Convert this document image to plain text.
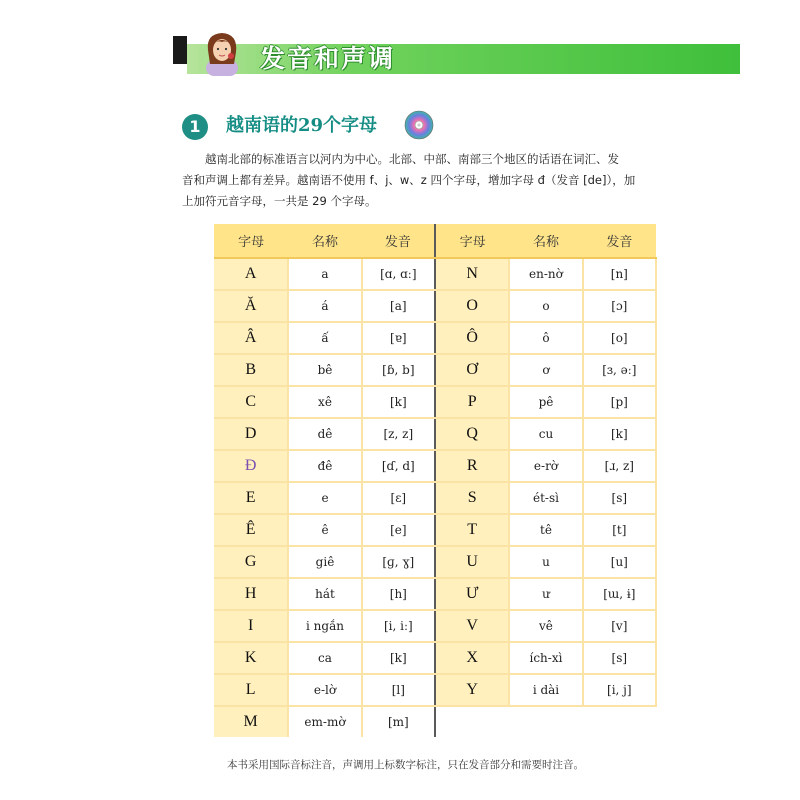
发音和声调
1	越南语的29个字母
越南北部的标准语言以河内为中心。北部、中部、南部三个地区的话语在词汇、发
音和声调上都有差异。越南语不使用 f、j、w、z 四个字母，增加字母 đ（发音 [de]），加
上加符元音字母，一共是 29 个字母。
字母	名称	发音	字母	名称	发音
A	a	[ɑ, ɑː]	N	en-nờ	[n]
Ă	á	[a]	O	o	[ɔ]
Â	ấ	[ɐ]	Ô	ô	[o]
B	bê	[ɓ, b]	Ơ	ơ	[ɜ, əː]
C	xê	[k]	P	pê	[p]
D	dê	[z, z]	Q	cu	[k]
Đ	đê	[ɗ, d]	R	e-rờ	[ɹ, z]
E	e	[ɛ]	S	ét-sì	[s]
Ê	ê	[e]	T	tê	[t]
G	giê	[ɡ, ɣ]	U	u	[u]
H	hát	[h]	Ư	ư	[ɯ, ɨ]
I	i ngắn	[i, iː]	V	vê	[v]
K	ca	[k]	X	ích-xì	[s]
L	e-lờ	[l]	Y	i dài	[i, j]
M	em-mờ	[m]			
本书采用国际音标注音，声调用上标数字标注，只在发音部分和需要时注音。
